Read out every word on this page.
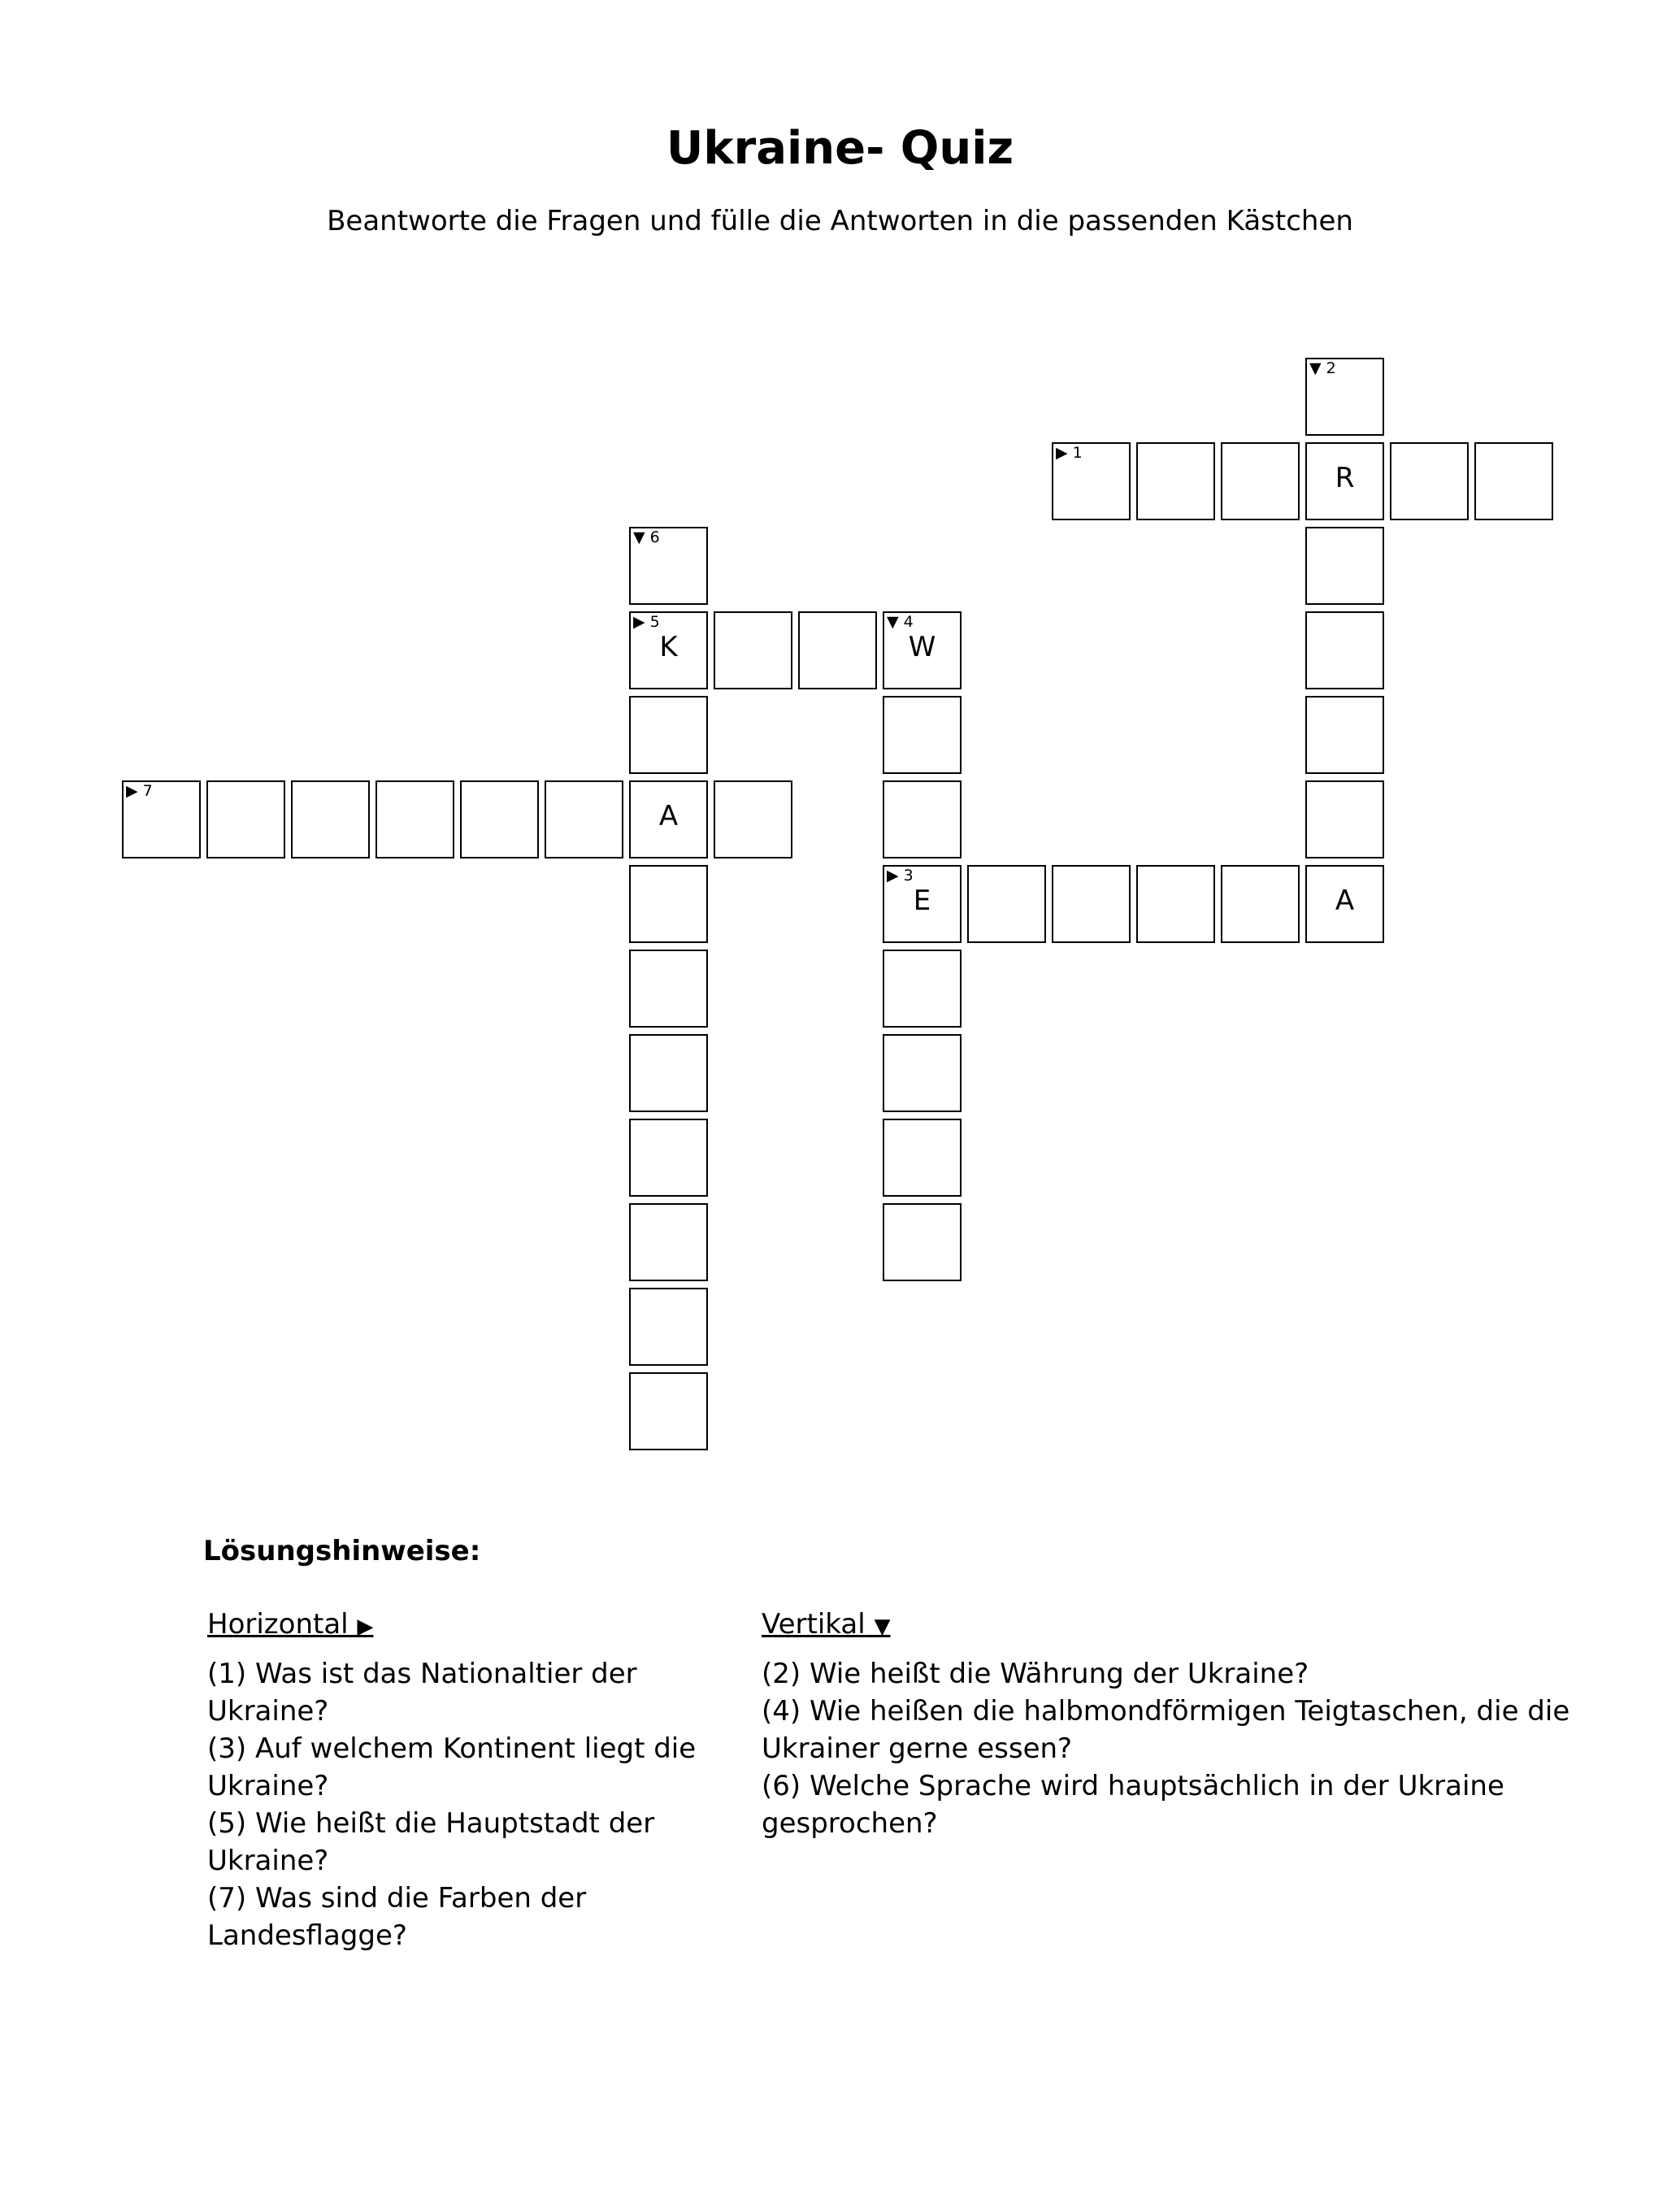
Ukraine- Quiz

Beantworte die Fragen und fülle die Antworten in die passenden Kästchen

▶ 1
R
▼ 2
A
▼ 6
▶ 5
K
A
▼ 4
W
▶ 3
E
▶ 7
Lösungshinweise:

Horizontal ▶

(1) Was ist das Nationaltier der Ukraine?

(3) Auf welchem Kontinent liegt die Ukraine?

(5) Wie heißt die Hauptstadt der Ukraine?

(7) Was sind die Farben der Landesflagge?

Vertikal ▼

(2) Wie heißt die Währung der Ukraine?

(4) Wie heißen die halbmondförmigen Teigtaschen, die die Ukrainer gerne essen?

(6) Welche Sprache wird hauptsächlich in der Ukraine gesprochen?
